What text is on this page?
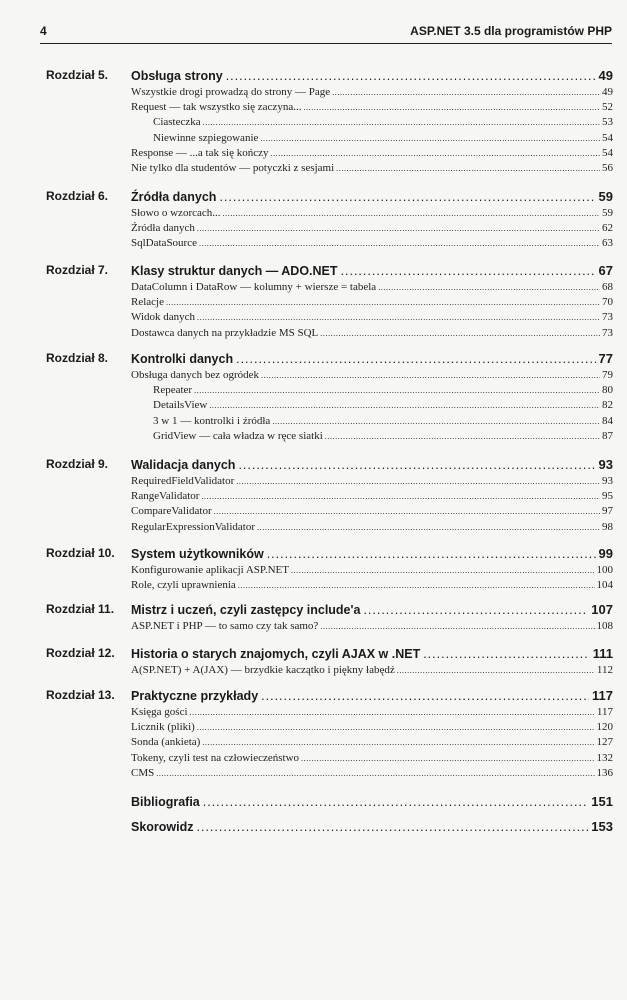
4	ASP.NET 3.5 dla programistów PHP
Rozdział 5. Obsługa strony .....	49
Wszystkie drogi prowadzą do strony — Page .....	49
Request — tak wszystko się zaczyna... .....	52
Ciasteczka .....	53
Niewinne szpiegowanie .....	54
Response — ...a tak się kończy .....	54
Nie tylko dla studentów — potyczki z sesjami .....	56
Rozdział 6. Źródła danych .....	59
Słowo o wzorcach... .....	59
Źródła danych .....	62
SqlDataSource .....	63
Rozdział 7. Klasy struktur danych — ADO.NET .....	67
DataColumn i DataRow — kolumny + wiersze = tabela .....	68
Relacje .....	70
Widok danych .....	73
Dostawca danych na przykładzie MS SQL .....	73
Rozdział 8. Kontrolki danych .....	77
Obsługa danych bez ogródek .....	79
Repeater .....	80
DetailsView .....	82
3 w 1 — kontrolki i źródła .....	84
GridView — cała władza w ręce siatki .....	87
Rozdział 9. Walidacja danych .....	93
RequiredFieldValidator .....	93
RangeValidator .....	95
CompareValidator .....	97
RegularExpressionValidator .....	98
Rozdział 10. System użytkowników .....	99
Konfigurowanie aplikacji ASP.NET .....	100
Role, czyli uprawnienia .....	104
Rozdział 11. Mistrz i uczeń, czyli zastępcy include'a .....	107
ASP.NET i PHP — to samo czy tak samo? .....	108
Rozdział 12. Historia o starych znajomych, czyli AJAX w .NET .....	111
A(SP.NET) + A(JAX) — brzydkie kaczątko i piękny łabędź .....	112
Rozdział 13. Praktyczne przykłady .....	117
Księga gości .....	117
Licznik (pliki) .....	120
Sonda (ankieta) .....	127
Tokeny, czyli test na człowieczeństwo .....	132
CMS .....	136
Bibliografia .....	151
Skorowidz .....	153
